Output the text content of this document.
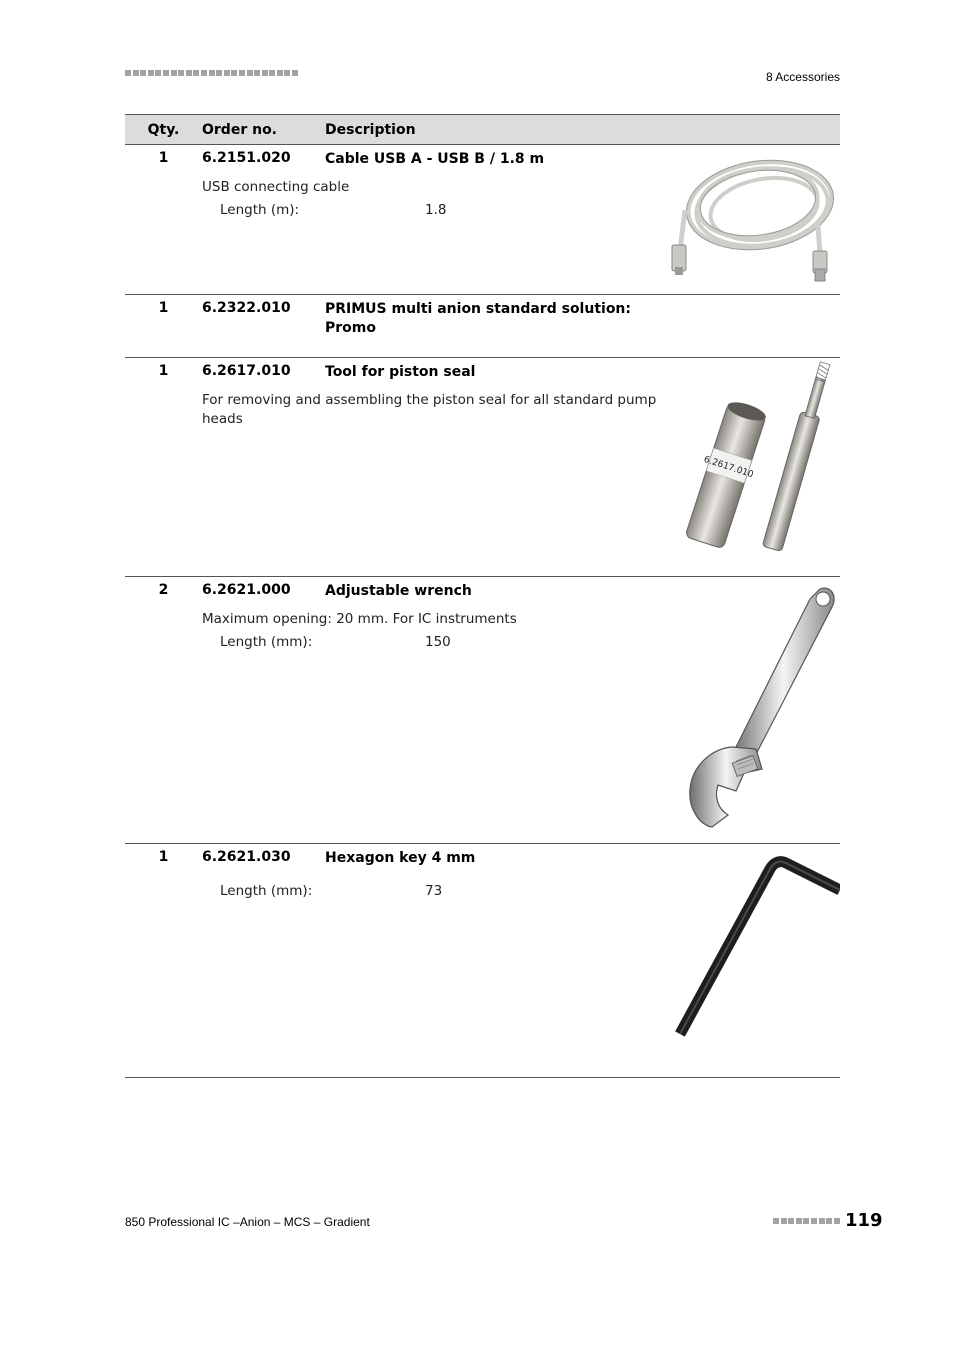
8 Accessories
Qty.	Order no.	Description	
1	6.2151.020	Cable USB A - USB B / 1.8 m
USB connecting cable
Length (m): 1.8

1	6.2322.010	PRIMUS multi anion standard solution: Promo	

1	6.2617.010	Tool for piston seal
For removing and assembling the piston seal for all standard pump heads	6.2617.010

2	6.2621.000	Adjustable wrench
Maximum opening: 20 mm. For IC instruments
Length (mm): 150

1	6.2621.030	Hexagon key 4 mm
Length (mm): 73

850 Professional IC –Anion – MCS – Gradient	119
